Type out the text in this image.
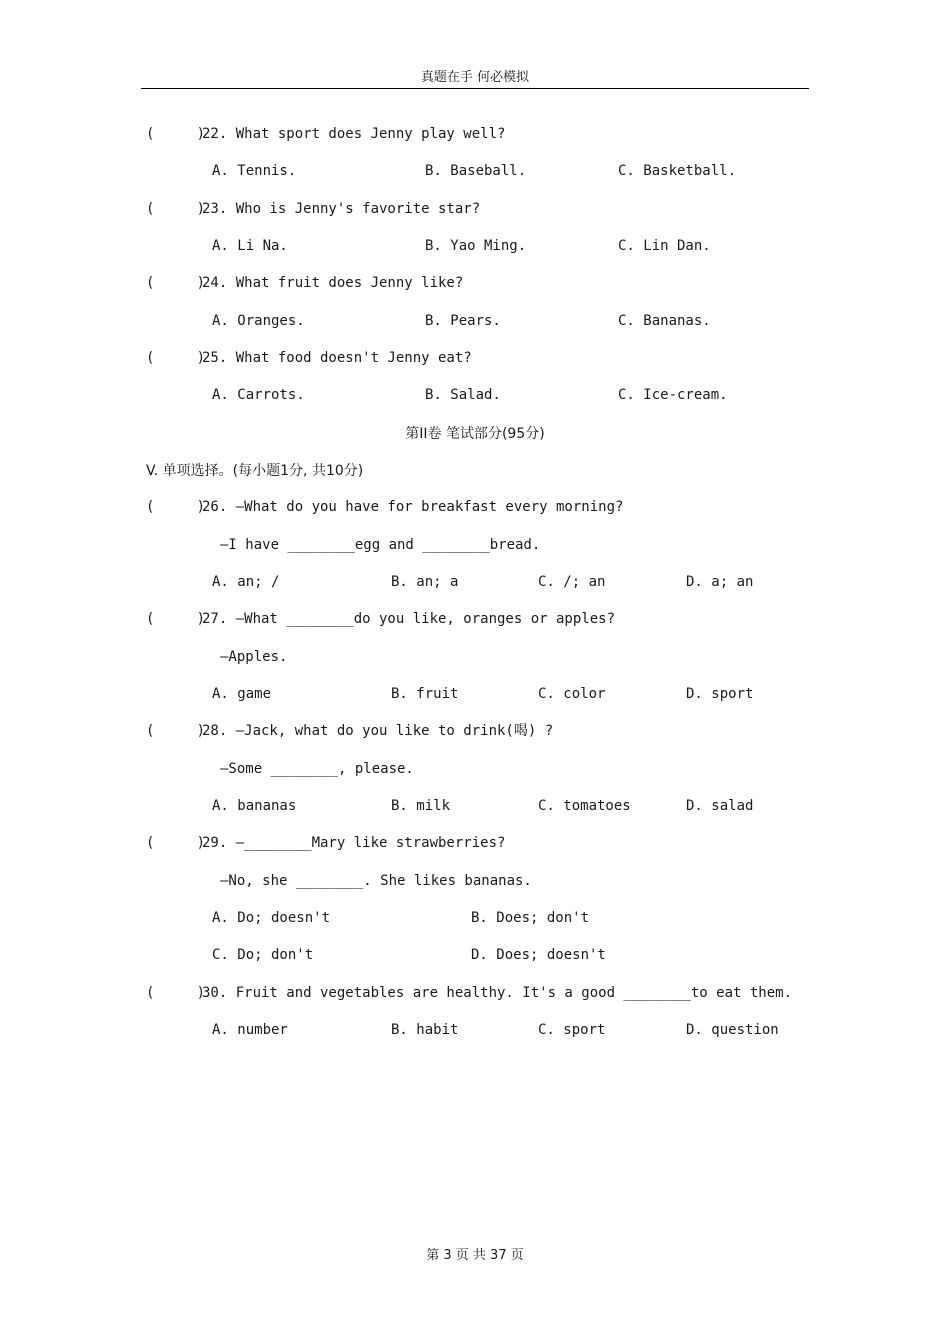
真题在手 何必模拟
(     )
22. What sport does Jenny play well?
A. Tennis.	B. Baseball.	C. Basketball.
(     )
23. Who is Jenny's favorite star?
A. Li Na.	B. Yao Ming.	C. Lin Dan.
(     )
24. What fruit does Jenny like?
A. Oranges.	B. Pears.	C. Bananas.
(     )
25. What food doesn't Jenny eat?
A. Carrots.	B. Salad.	C. Ice-cream.
第II卷 笔试部分(95分)
V. 单项选择。(每小题1分, 共10分)
(     )
26. —What do you have for breakfast every morning?
—I have ________egg and ________bread.
A. an; /	B. an; a	C. /; an	D. a; an
(     )
27. —What ________do you like, oranges or apples?
—Apples.
A. game	B. fruit	C. color	D. sport
(     )
28. —Jack, what do you like to drink(喝) ?
—Some ________, please.
A. bananas	B. milk	C. tomatoes	D. salad
(     )
29. —________Mary like strawberries?
—No, she ________. She likes bananas.
A. Do; doesn't	B. Does; don't
C. Do; don't	D. Does; doesn't
(     )
30. Fruit and vegetables are healthy. It's a good ________to eat them.
A. number	B. habit	C. sport	D. question
第 3 页 共 37 页
